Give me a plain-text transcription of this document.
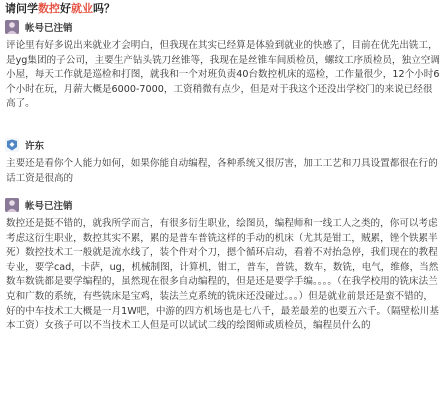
请问学数控好就业吗？
帐号已注销
评论里有好多说出来就业才会明白，但我现在其实已经算是体验到就业的快感了，目前在优先出铣工，是yg集团的子公司，主要生产钻头铣刀丝锥等，我现在是丝锥车间质检员，螺纹工序质检员，独立空调小屋，每天工作就是巡检和打图，就我和一个对班负责40台数控机床的巡检，工作量很少，12个小时6个小时在玩，月薪大概是6000-7000，工资稍微有点少，但是对于我这个还没出学校门的来说已经很高了。
许东
主要还是看你个人能力如何，如果你能自动编程，各种系统又很厉害，加工工艺和刀具设置都很在行的话工资是很高的
帐号已注销
数控还是挺不错的，就我所学而言，有很多衍生职业，绘图员，编程师和一线工人之类的，你可以考虑考虑这衍生职业，数控其实不累，累的是普车普铣这样的手动的机床（尤其是钳工，贼累，锉个铁累半死）数控技术工一般就是流水线了，装个件对个刀，摁个循环启动，看着不对抬急停，我们现在的教程专业，要学cad，卡萨，ug，机械制图，计算机，钳工，普车，普铣，数车，数铣，电气，维修，当然数车数铣都是要学编程的，虽然现在很多自动编程的，但是还是要学手编。。。。（在我学校用的铣床法兰克和广数的系统，有些铣床是宝鸡，装法兰克系统的铣床还没碰过。。。）但是就业前景还是蛮不错的，好的中车技术工大概是一月1W吧，中游的四方机场也是七八千，最差最差的也要五六千。（隔壁松川基本工资）女孩子可以不当技术工人但是可以试试二线的绘图师或质检员，编程员什么的
